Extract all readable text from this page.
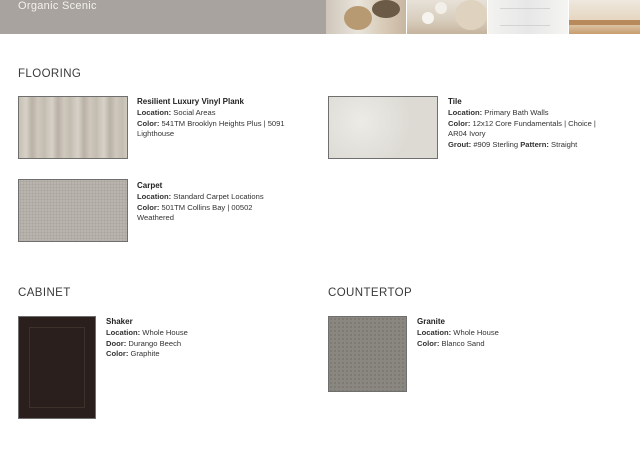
Organic Scenic
FLOORING
Resilient Luxury Vinyl Plank
Location: Social Areas
Color: 541TM Brooklyn Heights Plus | 5091
Lighthouse
Tile
Location: Primary Bath Walls
Color: 12x12 Core Fundamentals | Choice |
AR04 Ivory
Grout: #909 Sterling Pattern: Straight
Carpet
Location: Standard Carpet Locations
Color: 501TM Collins Bay | 00502
Weathered
CABINET
Shaker
Location: Whole House
Door: Durango Beech
Color: Graphite
COUNTERTOP
Granite
Location: Whole House
Color: Blanco Sand
